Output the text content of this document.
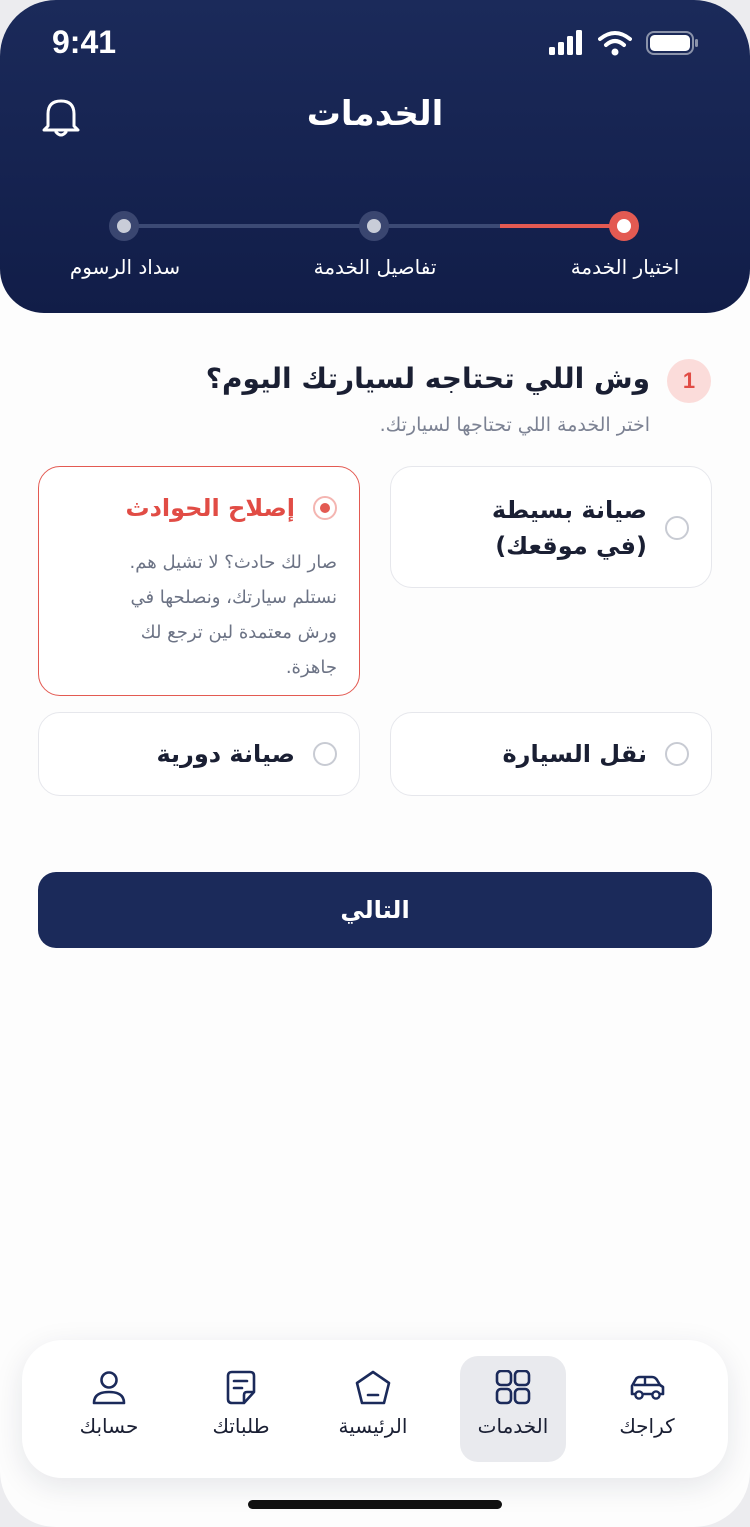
9:41
الخدمات
اختيار الخدمة
تفاصيل الخدمة
سداد الرسوم
1
وش اللي تحتاجه لسيارتك اليوم؟
اختر الخدمة اللي تحتاجها لسيارتك.
صيانة بسيطة
(في موقعك)
إصلاح الحوادث
صار لك حادث؟ لا تشيل هم.
نستلم سيارتك، ونصلحها في
ورش معتمدة لين ترجع لك
جاهزة.
نقل السيارة
صيانة دورية
التالي
كراجك
الخدمات
الرئيسية
طلباتك
حسابك
